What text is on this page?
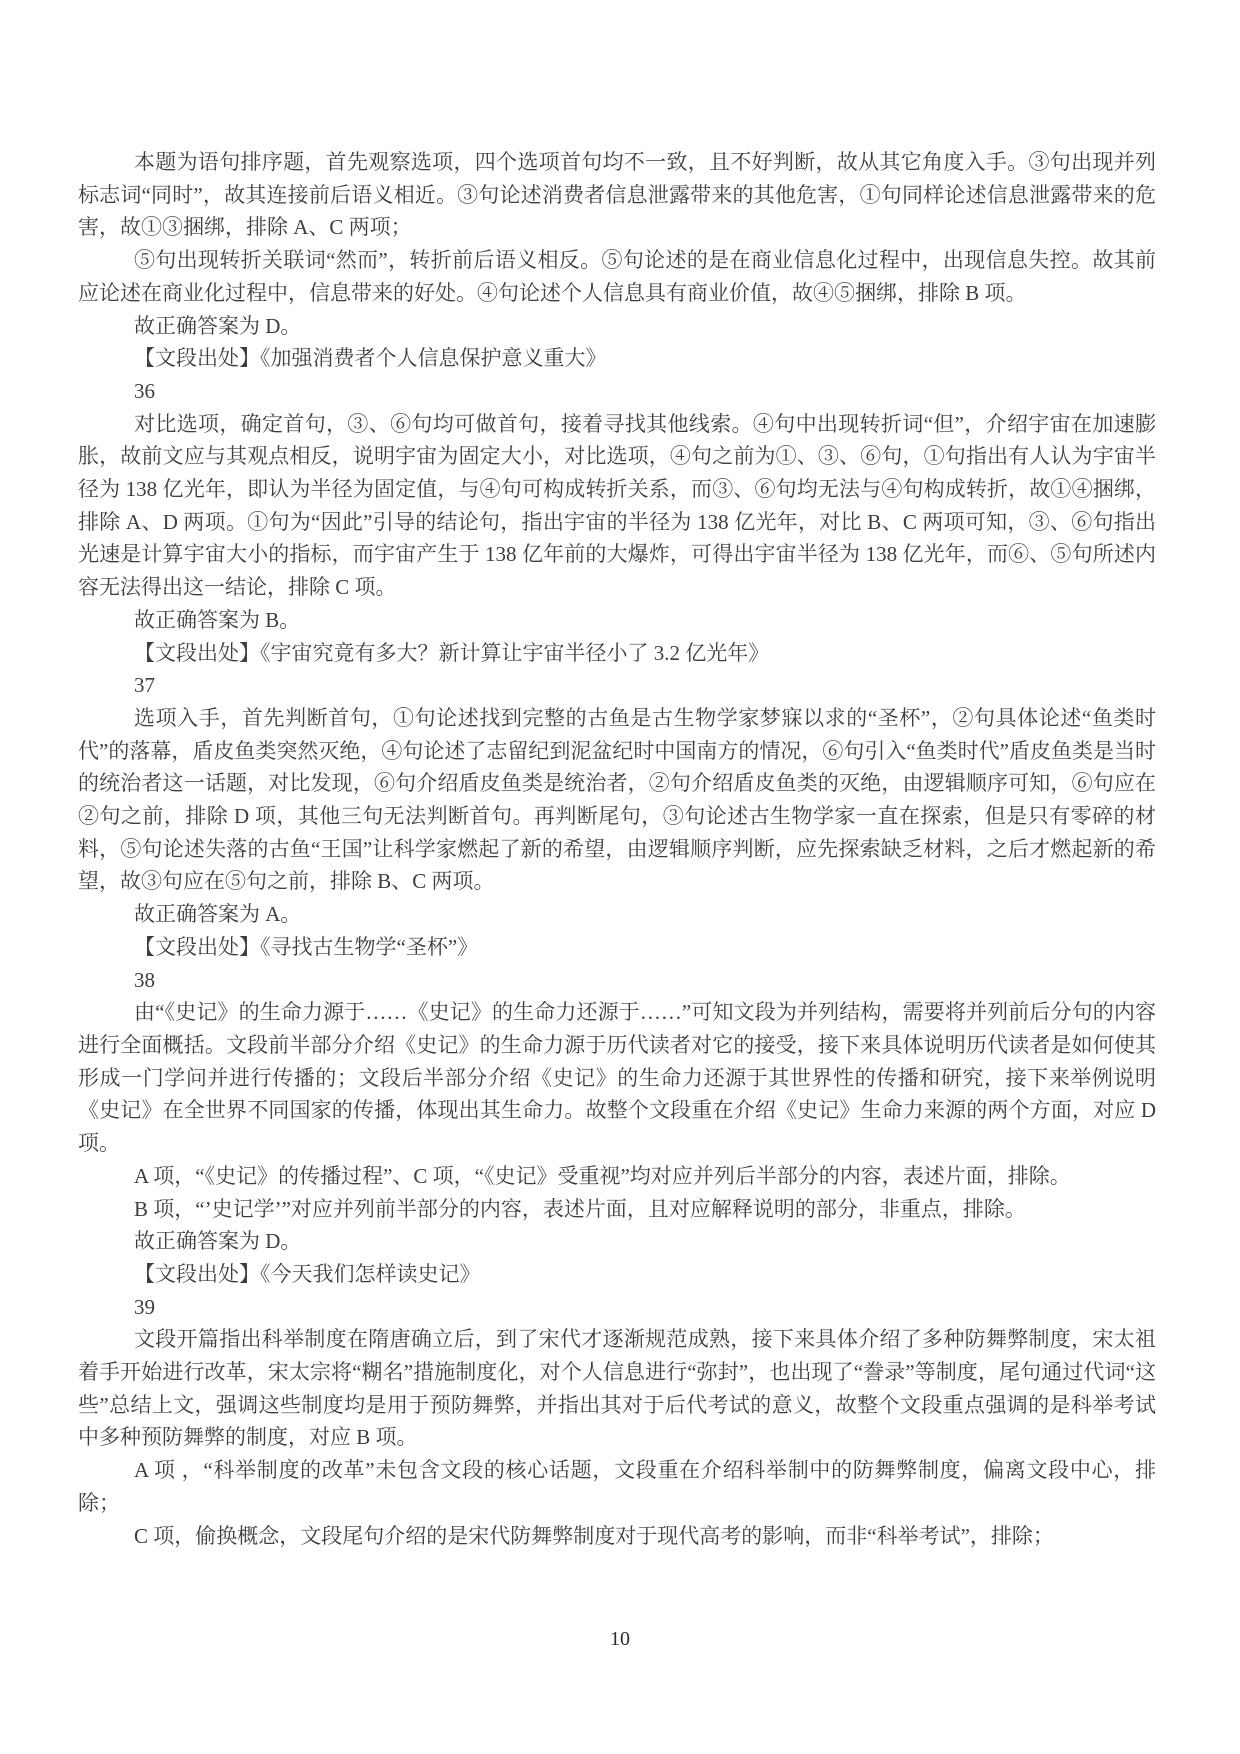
本题为语句排序题，首先观察选项，四个选项首句均不一致，且不好判断，故从其它角度入手。③句出现并列标志词“同时”，故其连接前后语义相近。③句论述消费者信息泄露带来的其他危害，①句同样论述信息泄露带来的危害，故①③捆绑，排除 A、C 两项；

⑤句出现转折关联词“然而”，转折前后语义相反。⑤句论述的是在商业信息化过程中，出现信息失控。故其前应论述在商业化过程中，信息带来的好处。④句论述个人信息具有商业价值，故④⑤捆绑，排除 B 项。

故正确答案为 D。

【文段出处】《加强消费者个人信息保护意义重大》

36

对比选项，确定首句，③、⑥句均可做首句，接着寻找其他线索。④句中出现转折词“但”，介绍宇宙在加速膨胀，故前文应与其观点相反，说明宇宙为固定大小，对比选项，④句之前为①、③、⑥句，①句指出有人认为宇宙半径为 138 亿光年，即认为半径为固定值，与④句可构成转折关系，而③、⑥句均无法与④句构成转折，故①④捆绑，排除 A、D 两项。①句为“因此”引导的结论句，指出宇宙的半径为 138 亿光年，对比 B、C 两项可知，③、⑥句指出光速是计算宇宙大小的指标，而宇宙产生于 138 亿年前的大爆炸，可得出宇宙半径为 138 亿光年，而⑥、⑤句所述内容无法得出这一结论，排除 C 项。

故正确答案为 B。

【文段出处】《宇宙究竟有多大？新计算让宇宙半径小了 3.2 亿光年》

37

选项入手，首先判断首句，①句论述找到完整的古鱼是古生物学家梦寐以求的“圣杯”，②句具体论述“鱼类时代”的落幕，盾皮鱼类突然灭绝，④句论述了志留纪到泥盆纪时中国南方的情况，⑥句引入“鱼类时代”盾皮鱼类是当时的统治者这一话题，对比发现，⑥句介绍盾皮鱼类是统治者，②句介绍盾皮鱼类的灭绝，由逻辑顺序可知，⑥句应在②句之前，排除 D 项，其他三句无法判断首句。再判断尾句，③句论述古生物学家一直在探索，但是只有零碎的材料，⑤句论述失落的古鱼“王国”让科学家燃起了新的希望，由逻辑顺序判断，应先探索缺乏材料，之后才燃起新的希望，故③句应在⑤句之前，排除 B、C 两项。

故正确答案为 A。

【文段出处】《寻找古生物学“圣杯”》

38

由“《史记》的生命力源于……《史记》的生命力还源于……”可知文段为并列结构，需要将并列前后分句的内容进行全面概括。文段前半部分介绍《史记》的生命力源于历代读者对它的接受，接下来具体说明历代读者是如何使其形成一门学问并进行传播的；文段后半部分介绍《史记》的生命力还源于其世界性的传播和研究，接下来举例说明《史记》在全世界不同国家的传播，体现出其生命力。故整个文段重在介绍《史记》生命力来源的两个方面，对应 D 项。

A 项，“《史记》的传播过程”、C 项，“《史记》受重视”均对应并列后半部分的内容，表述片面，排除。

B 项，“’史记学’”对应并列前半部分的内容，表述片面，且对应解释说明的部分，非重点，排除。

故正确答案为 D。

【文段出处】《今天我们怎样读史记》

39

文段开篇指出科举制度在隋唐确立后，到了宋代才逐渐规范成熟，接下来具体介绍了多种防舞弊制度，宋太祖着手开始进行改革，宋太宗将“糊名”措施制度化，对个人信息进行“弥封”，也出现了“誊录”等制度，尾句通过代词“这些”总结上文，强调这些制度均是用于预防舞弊，并指出其对于后代考试的意义，故整个文段重点强调的是科举考试中多种预防舞弊的制度，对应 B 项。

A 项 ，“科举制度的改革”未包含文段的核心话题，文段重在介绍科举制中的防舞弊制度，偏离文段中心，排除；

C 项，偷换概念，文段尾句介绍的是宋代防舞弊制度对于现代高考的影响，而非“科举考试”，排除；

10
